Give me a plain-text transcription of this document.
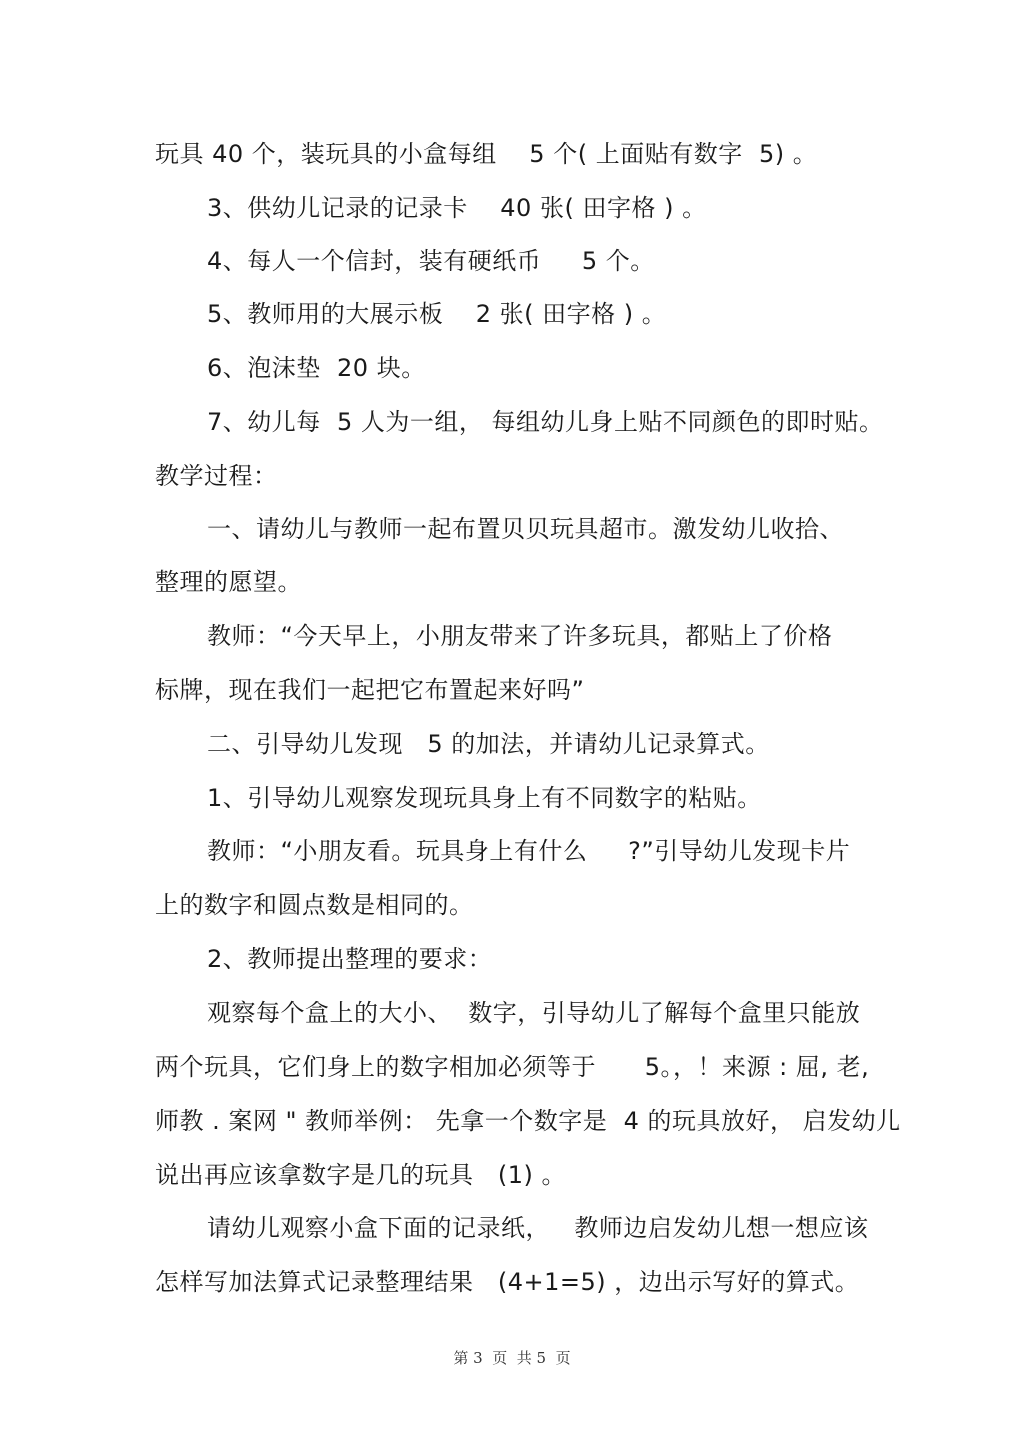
玩具 40 个，装玩具的小盒每组    5 个( 上面贴有数字  5) 。
3、供幼儿记录的记录卡    40 张( 田字格 ) 。
4、每人一个信封，装有硬纸币     5 个。
5、教师用的大展示板    2 张( 田字格 ) 。
6、泡沫垫  20 块。
7、幼儿每  5 人为一组， 每组幼儿身上贴不同颜色的即时贴。
教学过程：
一、请幼儿与教师一起布置贝贝玩具超市。激发幼儿收拾、
整理的愿望。
教师：“今天早上，小朋友带来了许多玩具，都贴上了价格
标牌，现在我们一起把它布置起来好吗”
二、引导幼儿发现   5 的加法，并请幼儿记录算式。
1、引导幼儿观察发现玩具身上有不同数字的粘贴。
教师：“小朋友看。玩具身上有什么     ?”引导幼儿发现卡片
上的数字和圆点数是相同的。
2、教师提出整理的要求：
观察每个盒上的大小、  数字，引导幼儿了解每个盒里只能放
两个玩具，它们身上的数字相加必须等于      5。，！来源 : 屈, 老,
师教 . 案网 " 教师举例： 先拿一个数字是  4 的玩具放好， 启发幼儿
说出再应该拿数字是几的玩具   (1) 。
请幼儿观察小盒下面的记录纸，   教师边启发幼儿想一想应该
怎样写加法算式记录整理结果   (4+1=5) ，边出示写好的算式。
第 3  页  共 5  页
